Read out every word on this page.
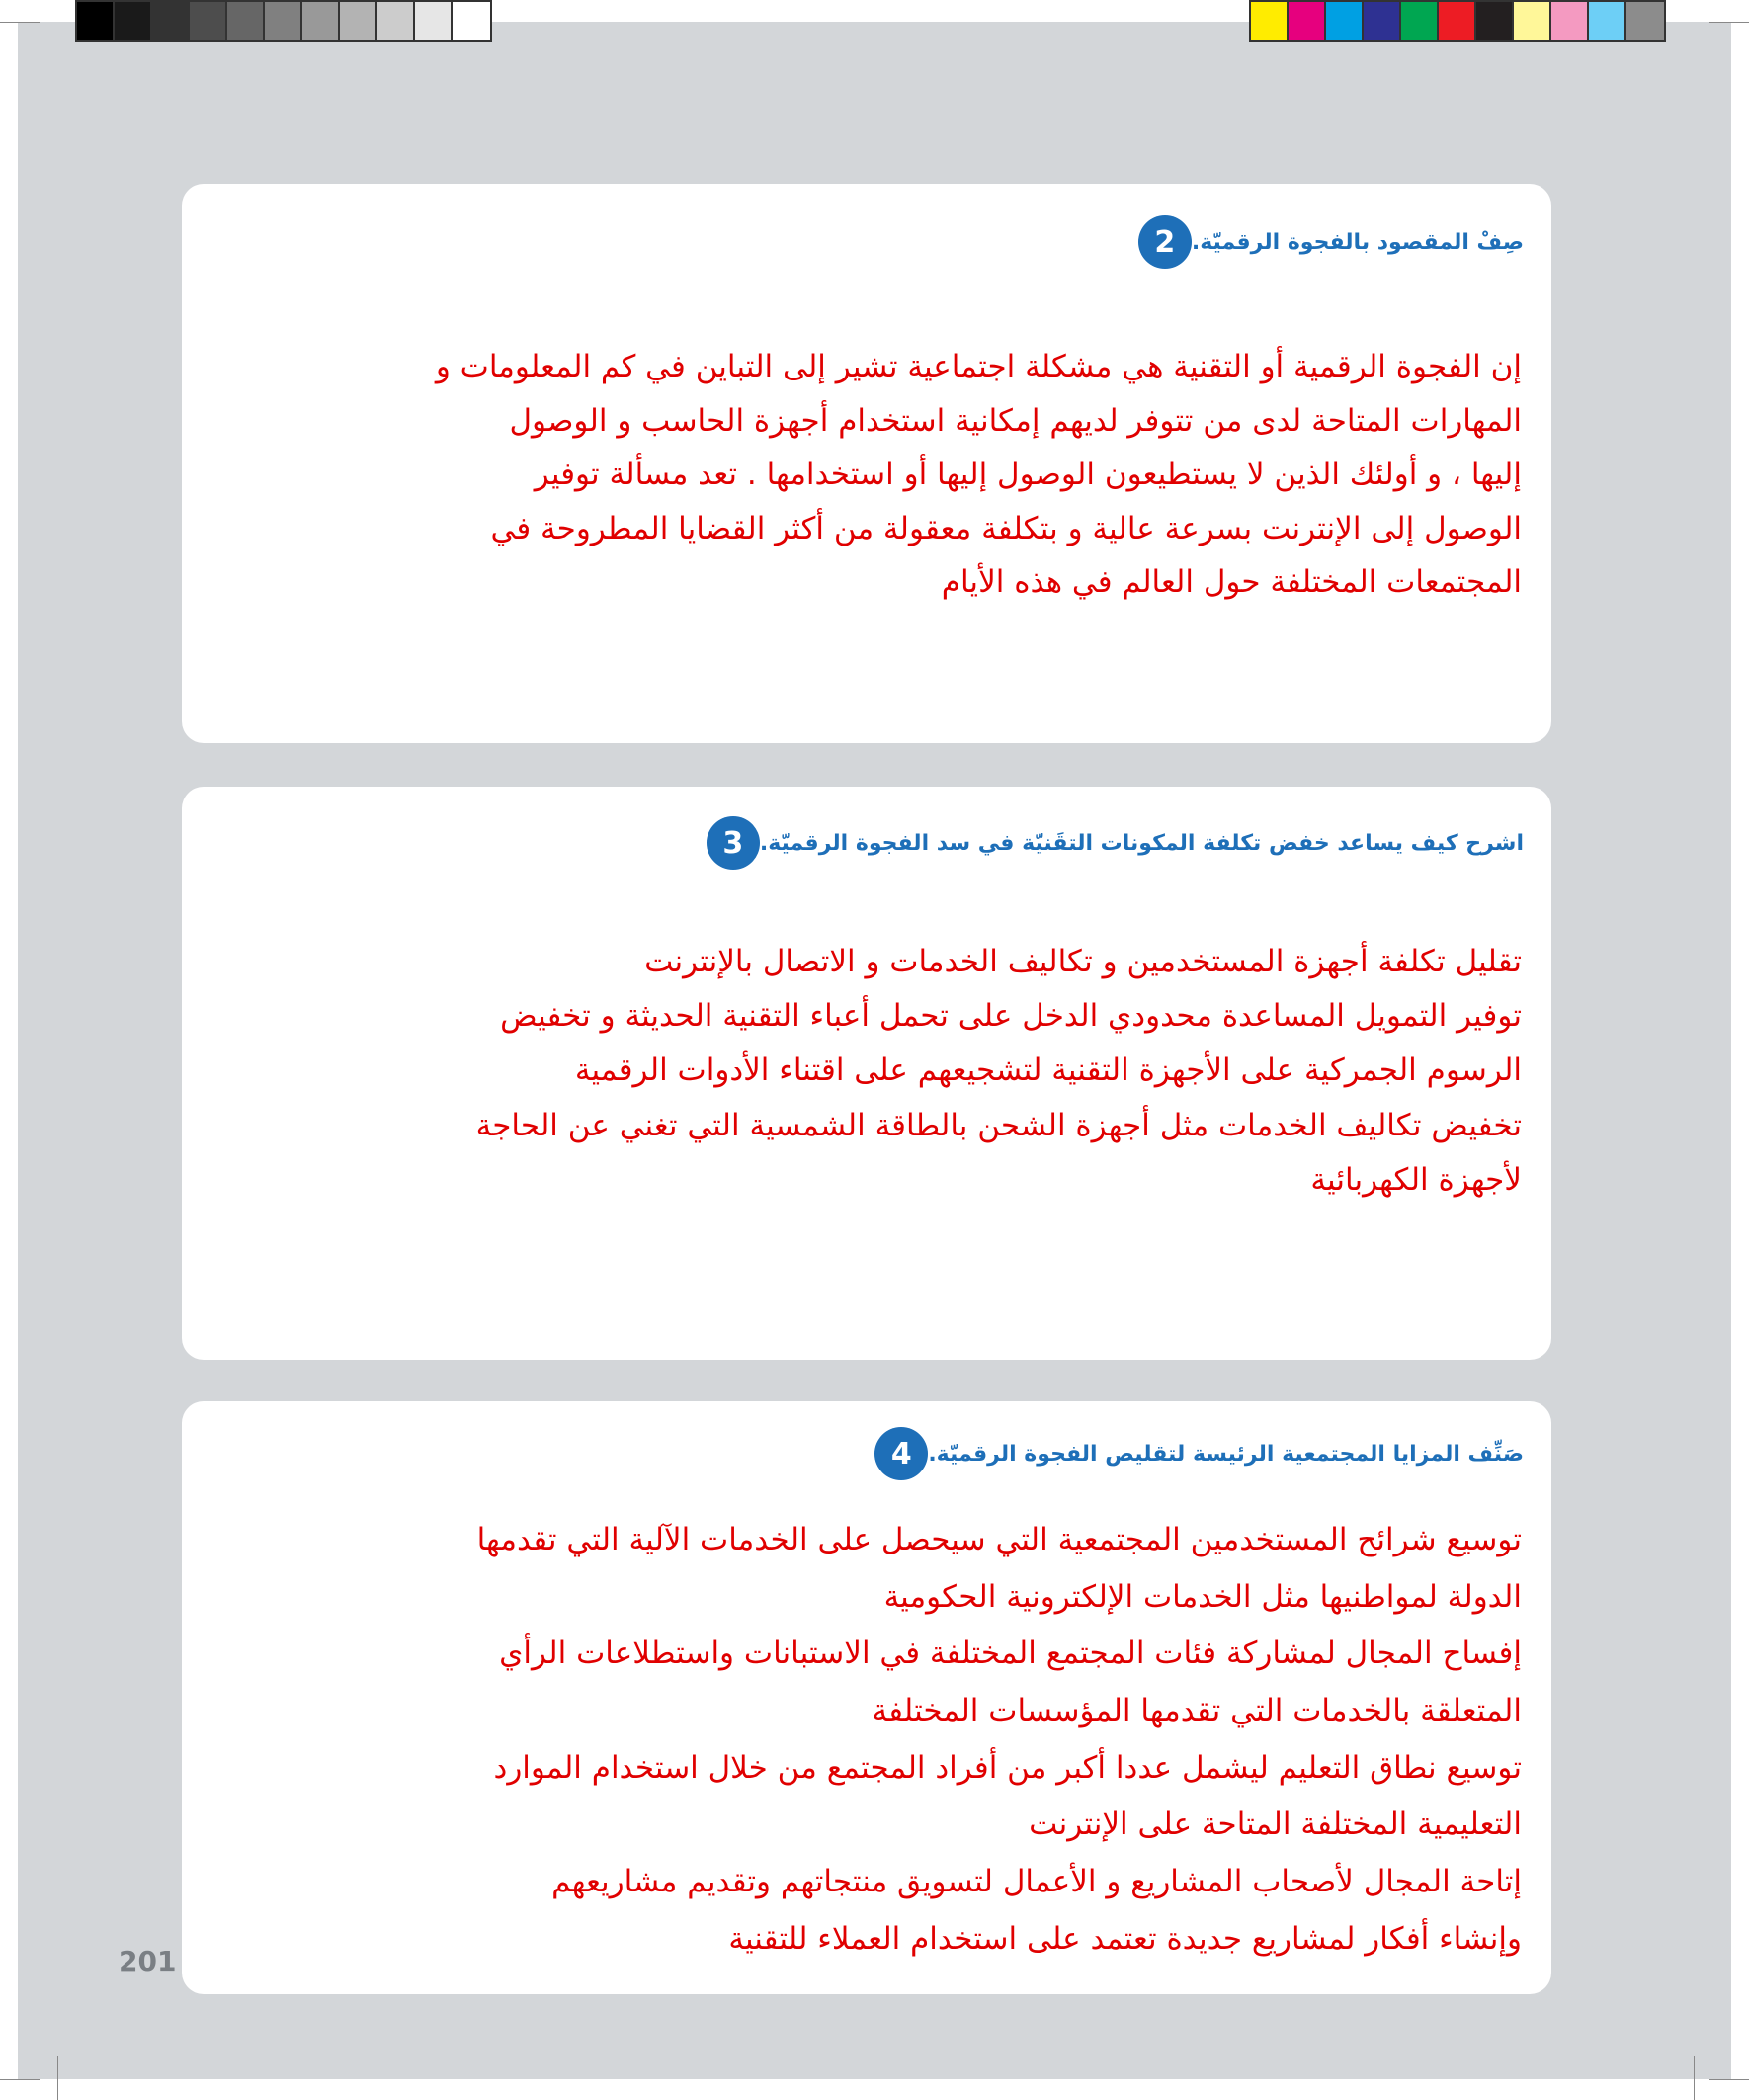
2 صِفْ المقصود بالفجوة الرقميّة.
إن الفجوة الرقمية أو التقنية هي مشكلة اجتماعية تشير إلى التباين في كم المعلومات و
المهارات المتاحة لدى من تتوفر لديهم إمكانية استخدام أجهزة الحاسب و الوصول
إليها ، و أولئك الذين لا يستطيعون الوصول إليها أو استخدامها . تعد مسألة توفير
الوصول إلى الإنترنت بسرعة عالية و بتكلفة معقولة من أكثر القضايا المطروحة في
المجتمعات المختلفة حول العالم في هذه الأيام
3 اشرح كيف يساعد خفض تكلفة المكونات التقَنيّة في سد الفجوة الرقميّة.
تقليل تكلفة أجهزة المستخدمين و تكاليف الخدمات و الاتصال بالإنترنت
توفير التمويل المساعدة محدودي الدخل على تحمل أعباء التقنية الحديثة و تخفيض
الرسوم الجمركية على الأجهزة التقنية لتشجيعهم على اقتناء الأدوات الرقمية
تخفيض تكاليف الخدمات مثل أجهزة الشحن بالطاقة الشمسية التي تغني عن الحاجة
لأجهزة الكهربائية
4 صَنِّف المزايا المجتمعية الرئيسة لتقليص الفجوة الرقميّة.
توسيع شرائح المستخدمين المجتمعية التي سيحصل على الخدمات الآلية التي تقدمها
الدولة لمواطنيها مثل الخدمات الإلكترونية الحكومية
إفساح المجال لمشاركة فئات المجتمع المختلفة في الاستبانات واستطلاعات الرأي
المتعلقة بالخدمات التي تقدمها المؤسسات المختلفة
توسيع نطاق التعليم ليشمل عددا أكبر من أفراد المجتمع من خلال استخدام الموارد
التعليمية المختلفة المتاحة على الإنترنت
إتاحة المجال لأصحاب المشاريع و الأعمال لتسويق منتجاتهم وتقديم مشاريعهم
وإنشاء أفكار لمشاريع جديدة تعتمد على استخدام العملاء للتقنية
201
